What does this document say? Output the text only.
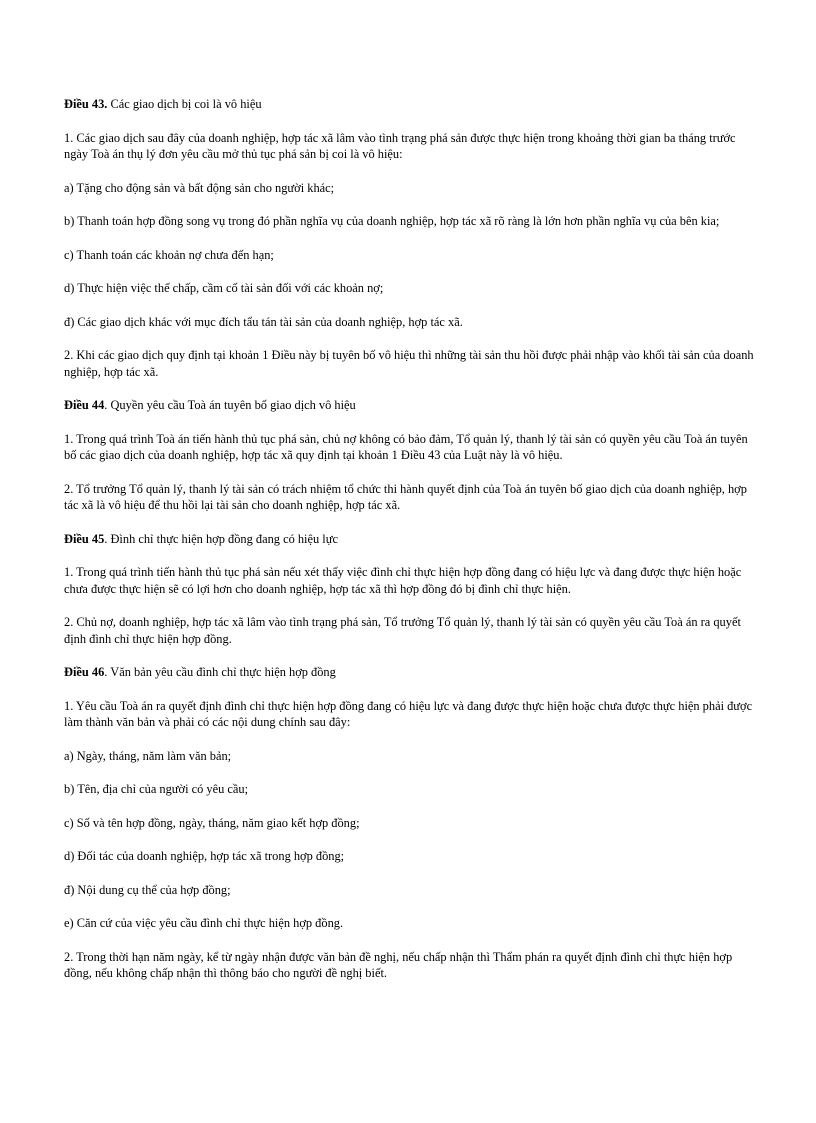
Điều 43. Các giao dịch bị coi là vô hiệu

1. Các giao dịch sau đây của doanh nghiệp, hợp tác xã lâm vào tình trạng phá sản được thực hiện trong khoảng thời gian ba tháng trước ngày Toà án thụ lý đơn yêu cầu mở thủ tục phá sản bị coi là vô hiệu:

a) Tặng cho động sản và bất động sản cho người khác;

b) Thanh toán hợp đồng song vụ trong đó phần nghĩa vụ của doanh nghiệp, hợp tác xã rõ ràng là lớn hơn phần nghĩa vụ của bên kia;

c) Thanh toán các khoản nợ chưa đến hạn;

d) Thực hiện việc thế chấp, cầm cố tài sản đối với các khoản nợ;

đ) Các giao dịch khác với mục đích tẩu tán tài sản của doanh nghiệp, hợp tác xã.

2. Khi các giao dịch quy định tại khoản 1 Điều này bị tuyên bố vô hiệu thì những tài sản thu hồi được phải nhập vào khối tài sản của doanh nghiệp, hợp tác xã.

Điều 44. Quyền yêu cầu Toà án tuyên bố giao dịch vô hiệu

1. Trong quá trình Toà án tiến hành thủ tục phá sản, chủ nợ không có bảo đảm, Tổ quản lý, thanh lý tài sản có quyền yêu cầu Toà án tuyên bố các giao dịch của doanh nghiệp, hợp tác xã quy định tại khoản 1 Điều 43 của Luật này là vô hiệu.

2. Tổ trưởng Tổ quản lý, thanh lý tài sản có trách nhiệm tổ chức thi hành quyết định của Toà án tuyên bố giao dịch của doanh nghiệp, hợp tác xã là vô hiệu để thu hồi lại tài sản cho doanh nghiệp, hợp tác xã.

Điều 45. Đình chỉ thực hiện hợp đồng đang có hiệu lực

1. Trong quá trình tiến hành thủ tục phá sản nếu xét thấy việc đình chỉ thực hiện hợp đồng đang có hiệu lực và đang được thực hiện hoặc chưa được thực hiện sẽ có lợi hơn cho doanh nghiệp, hợp tác xã thì hợp đồng đó bị đình chỉ thực hiện.

2. Chủ nợ, doanh nghiệp, hợp tác xã lâm vào tình trạng phá sản, Tổ trưởng Tổ quản lý, thanh lý tài sản có quyền yêu cầu Toà án ra quyết định đình chỉ thực hiện hợp đồng.

Điều 46. Văn bản yêu cầu đình chỉ thực hiện hợp đồng

1. Yêu cầu Toà án ra quyết định đình chỉ thực hiện hợp đồng đang có hiệu lực và đang được thực hiện hoặc chưa được thực hiện phải được làm thành văn bản và phải có các nội dung chính sau đây:

a) Ngày, tháng, năm làm văn bản;

b) Tên, địa chỉ của người có yêu cầu;

c) Số và tên hợp đồng, ngày, tháng, năm giao kết hợp đồng;

d) Đối tác của doanh nghiệp, hợp tác xã trong hợp đồng;

đ) Nội dung cụ thể của hợp đồng;

e) Căn cứ của việc yêu cầu đình chỉ thực hiện hợp đồng.

2. Trong thời hạn năm ngày, kể từ ngày nhận được văn bản đề nghị, nếu chấp nhận thì Thẩm phán ra quyết định đình chỉ thực hiện hợp đồng, nếu không chấp nhận thì thông báo cho người đề nghị biết.
